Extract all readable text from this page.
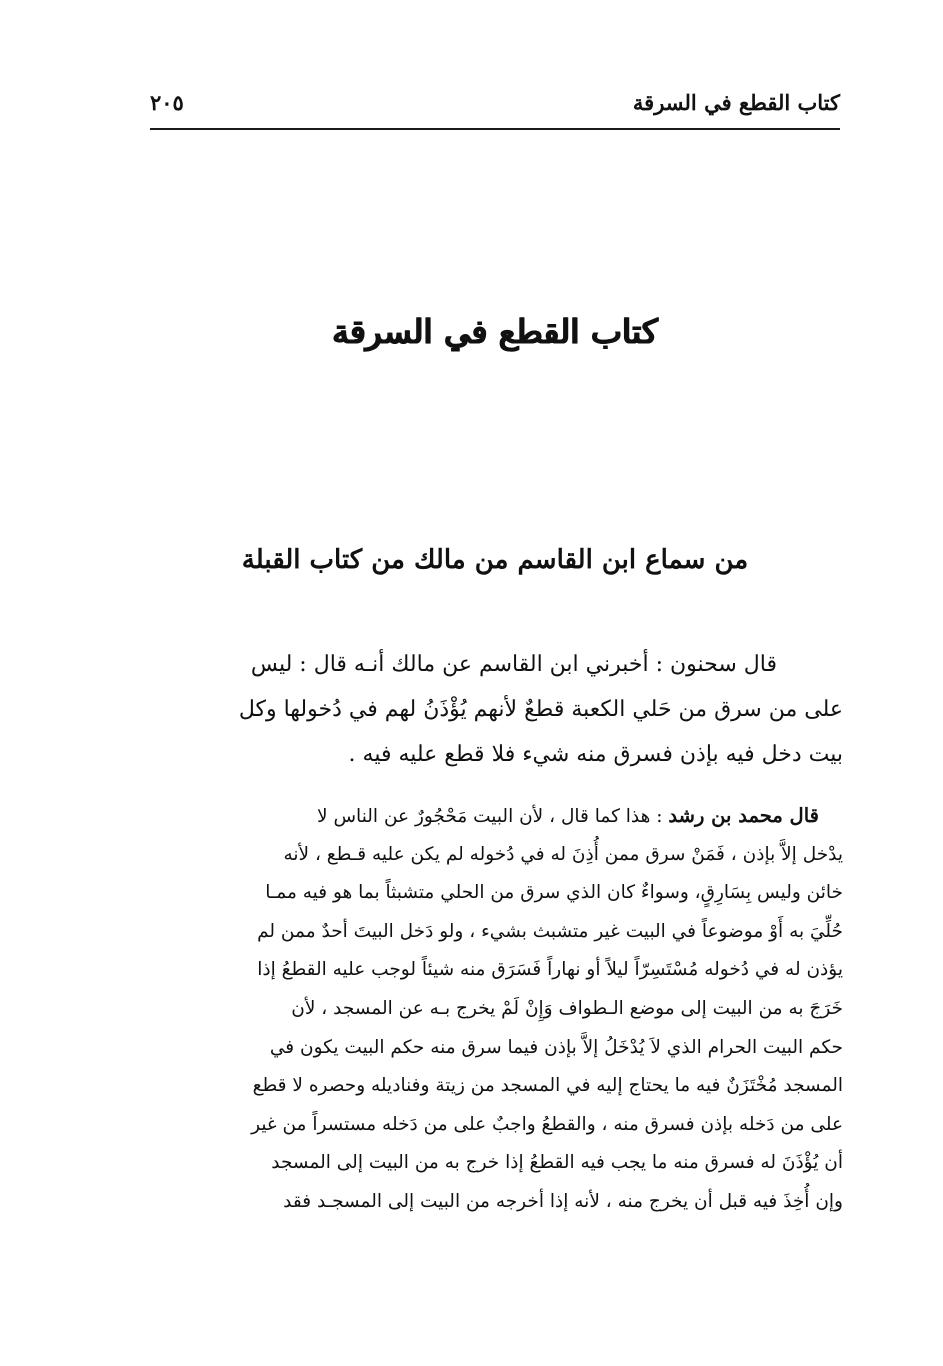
كتاب القطع في السرقة
٢٠٥
كتاب القطع في السرقة
من سماع ابن القاسم من مالك من كتاب القبلة
قال سحنون : أخبرني ابن القاسم عن مالك أنـه قال : ليس
على من سرق من حَلي الكعبة قطعٌ لأنهم يُؤْذَنُ لهم في دُخولها وكل
بيت دخل فيه بإذن فسرق منه شيء فلا قطع عليه فيه .
قال محمد بن رشد : هذا كما قال ، لأن البيت مَحْجُورٌ عن الناس لا
يدْخل إلاَّ بإذن ، فَمَنْ سرق ممن أُذِنَ له في دُخوله لم يكن عليه قـطع ، لأنه
خائن وليس بِسَارِقٍ، وسواءٌ كان الذي سرق من الحلي متشبثاً بما هو فيه ممـا
حُلِّيَ به أَوْ موضوعاً في البيت غير متشبث بشيء ، ولو دَخل البيتَ أحدٌ ممن لم
يؤذن له في دُخوله مُسْتَسِرّاً ليلاً أو نهاراً فَسَرَق منه شيئاً لوجب عليه القطعُ إذا
خَرَجَ به من البيت إلى موضع الـطواف وَإِنْ لَمْ يخرج بـه عن المسجد ، لأن
حكم البيت الحرام الذي لاَ يُدْخَلُ إلاَّ بإذن فيما سرق منه حكم البيت يكون في
المسجد مُخْتَزَنٌ فيه ما يحتاج إليه في المسجد من زيتة وفناديله وحصره لا قطع
على من دَخله بإذن فسرق منه ، والقطعُ واجبٌ على من دَخله مستسراً من غير
أن يُؤْذَنَ له فسرق منه ما يجب فيه القطعُ إذا خرج به من البيت إلى المسجد
وإن أُخِذَ فيه قبل أن يخرج منه ، لأنه إذا أخرجه من البيت إلى المسجـد فقد
